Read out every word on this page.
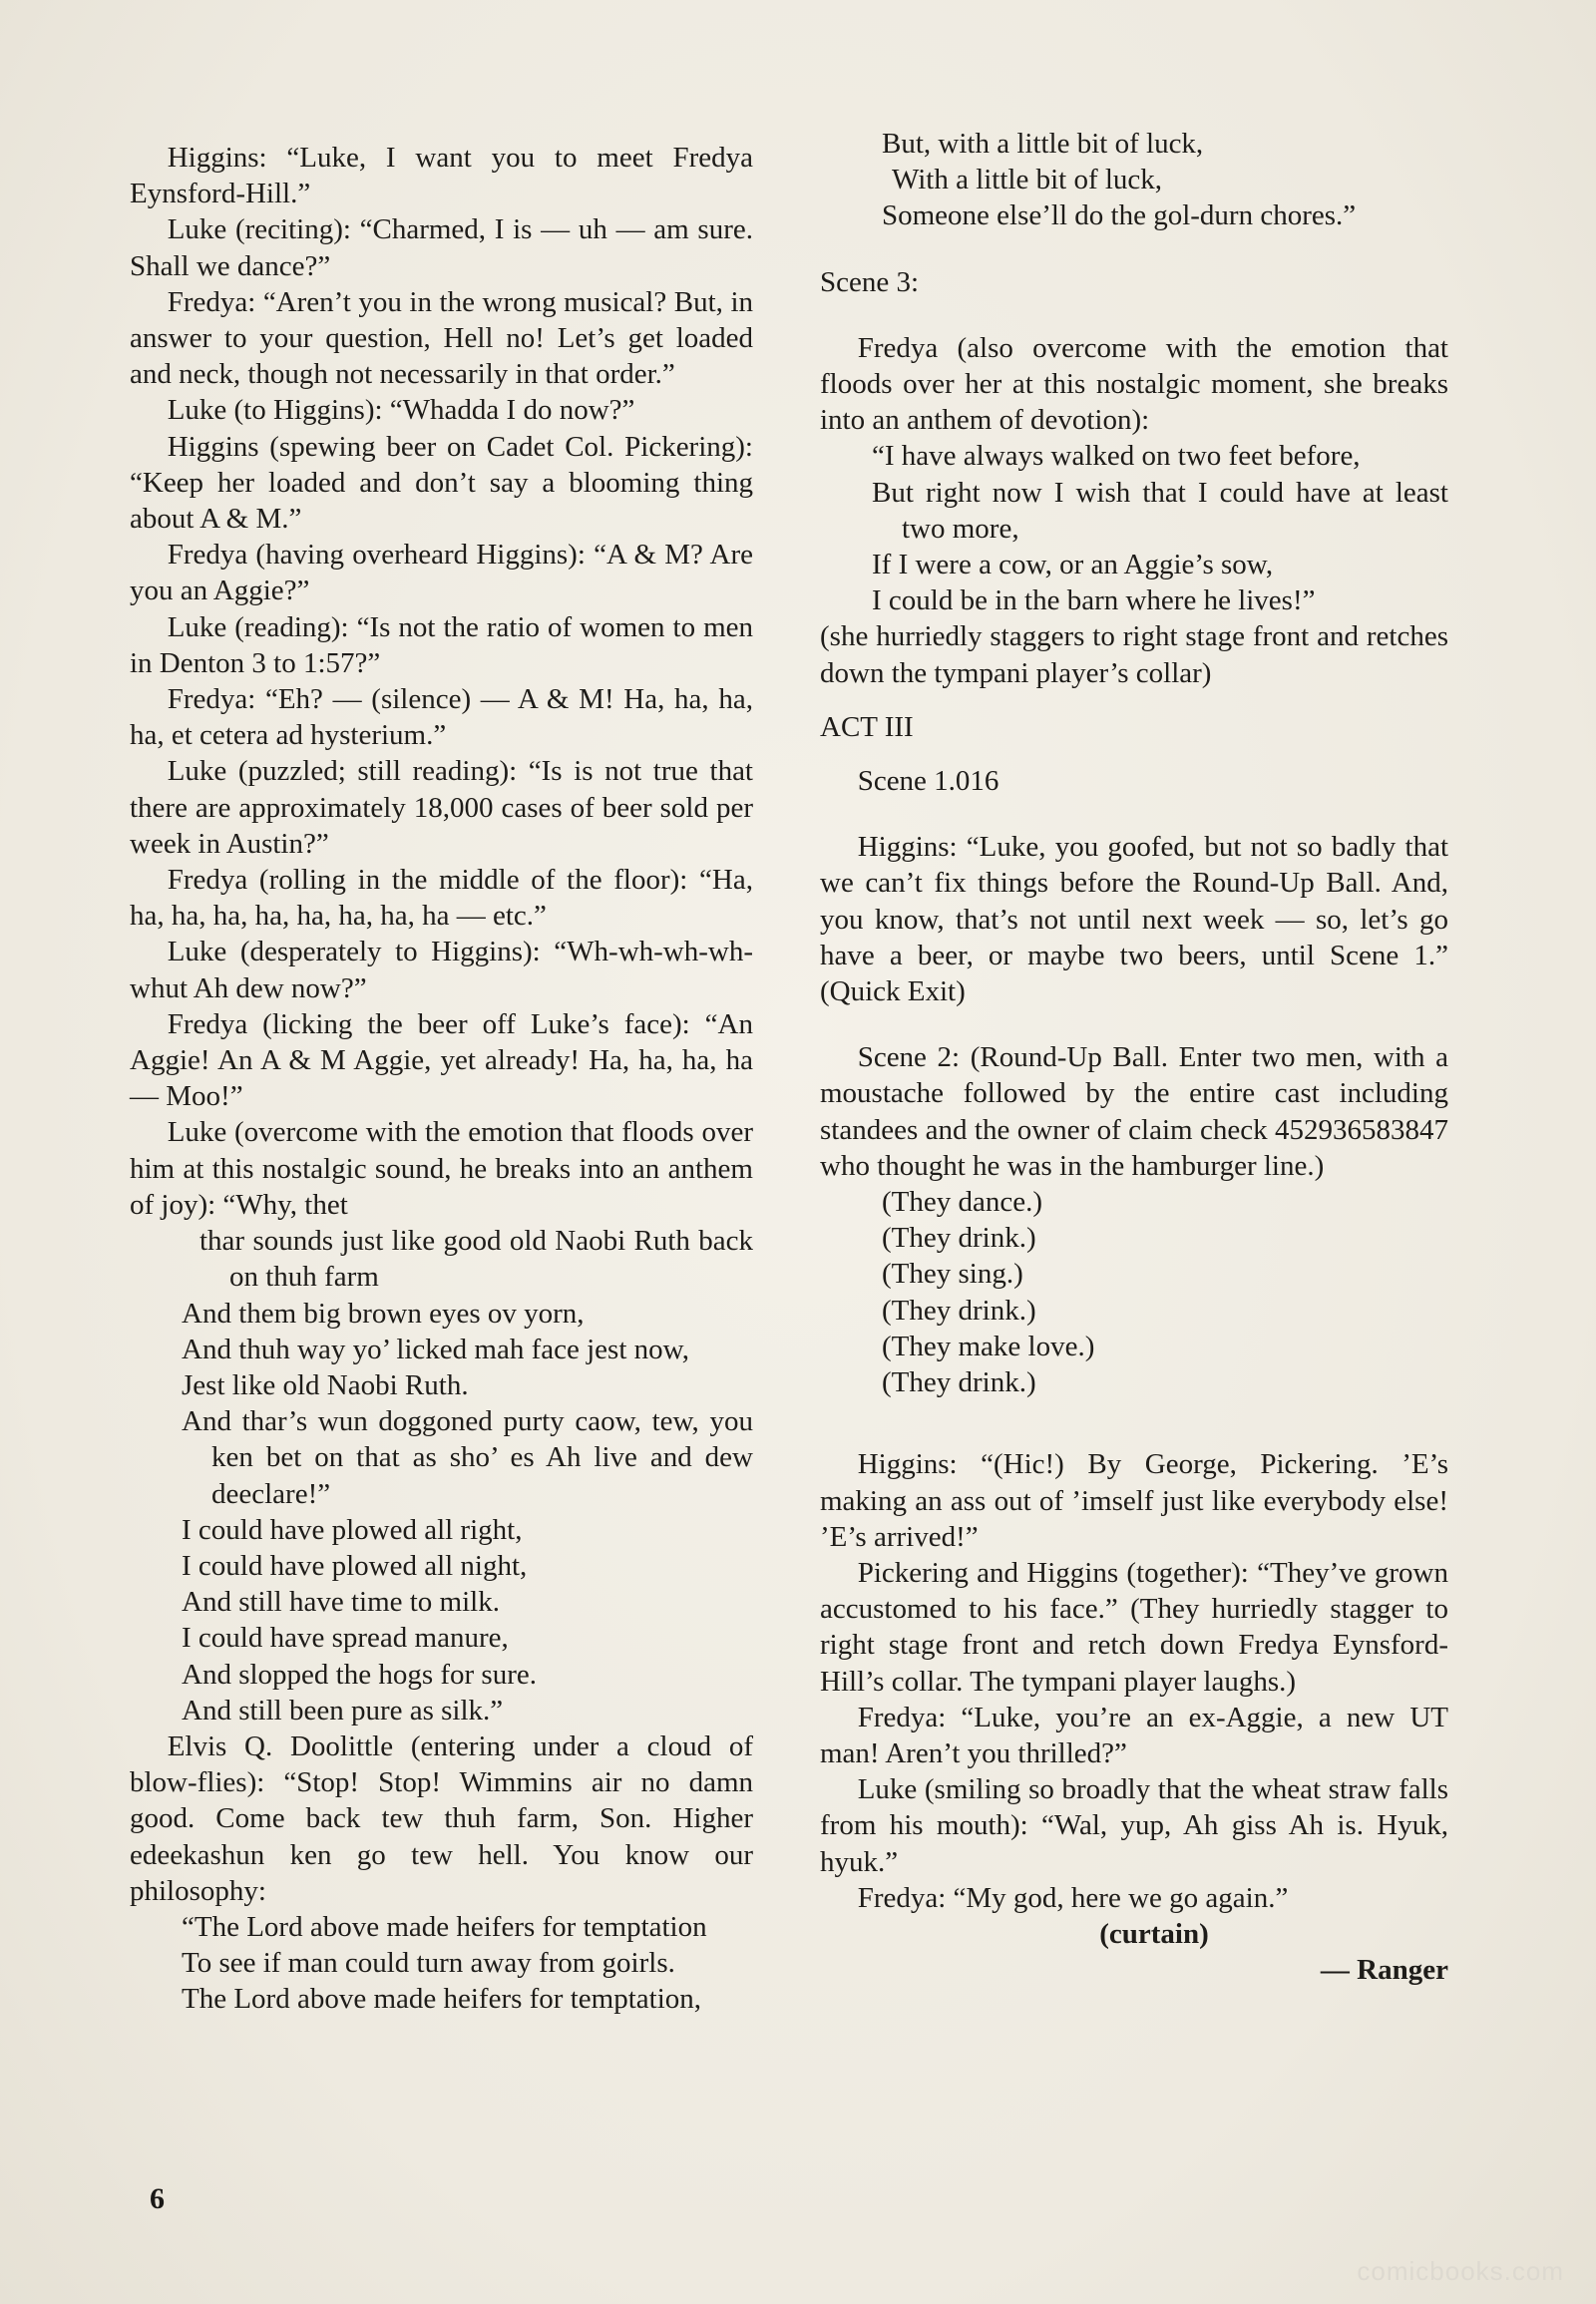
Higgins: “Luke, I want you to meet Fredya Eynsford-Hill.”

Luke (reciting): “Charmed, I is — uh — am sure. Shall we dance?”

Fredya: “Aren’t you in the wrong musical? But, in answer to your question, Hell no! Let’s get loaded and neck, though not necessarily in that order.”

Luke (to Higgins): “Whadda I do now?”

Higgins (spewing beer on Cadet Col. Pickering): “Keep her loaded and don’t say a blooming thing about A & M.”

Fredya (having overheard Higgins): “A & M? Are you an Aggie?”

Luke (reading): “Is not the ratio of women to men in Denton 3 to 1:57?”

Fredya: “Eh? — (silence) — A & M! Ha, ha, ha, ha, et cetera ad hysterium.”

Luke (puzzled; still reading): “Is is not true that there are approximately 18,000 cases of beer sold per week in Austin?”

Fredya (rolling in the middle of the floor): “Ha, ha, ha, ha, ha, ha, ha, ha, ha — etc.”

Luke (desperately to Higgins): “Wh-wh-wh-wh-whut Ah dew now?”

Fredya (licking the beer off Luke’s face): “An Aggie! An A & M Aggie, yet already! Ha, ha, ha, ha — Moo!”

Luke (overcome with the emotion that floods over him at this nostalgic sound, he breaks into an anthem of joy): “Why, thet

thar sounds just like good old Naobi Ruth back on thuh farm

And them big brown eyes ov yorn,

And thuh way yo’ licked mah face jest now,

Jest like old Naobi Ruth.

And thar’s wun doggoned purty caow, tew, you ken bet on that as sho’ es Ah live and dew deeclare!”

I could have plowed all right,

I could have plowed all night,

And still have time to milk.

I could have spread manure,

And slopped the hogs for sure.

And still been pure as silk.”

Elvis Q. Doolittle (entering under a cloud of blow-flies): “Stop! Stop! Wimmins air no damn good. Come back tew thuh farm, Son. Higher edeekashun ken go tew hell. You know our philosophy:

“The Lord above made heifers for temptation

To see if man could turn away from goirls.

The Lord above made heifers for temptation,

But, with a little bit of luck,

With a little bit of luck,

Someone else’ll do the gol-durn chores.”

Scene 3:

Fredya (also overcome with the emotion that floods over her at this nostalgic moment, she breaks into an anthem of devotion):

“I have always walked on two feet before,

But right now I wish that I could have at least two more,

If I were a cow, or an Aggie’s sow,

I could be in the barn where he lives!”

(she hurriedly staggers to right stage front and retches down the tympani player’s collar)

ACT III

Scene 1.016

Higgins: “Luke, you goofed, but not so badly that we can’t fix things before the Round-Up Ball. And, you know, that’s not until next week — so, let’s go have a beer, or maybe two beers, until Scene 1.” (Quick Exit)

Scene 2: (Round-Up Ball. Enter two men, with a moustache followed by the entire cast including standees and the owner of claim check 452936583847 who thought he was in the hamburger line.)

(They dance.)

(They drink.)

(They sing.)

(They drink.)

(They make love.)

(They drink.)

Higgins: “(Hic!) By George, Pickering. ’E’s making an ass out of ’imself just like everybody else! ’E’s arrived!”

Pickering and Higgins (together): “They’ve grown accustomed to his face.” (They hurriedly stagger to right stage front and retch down Fredya Eynsford-Hill’s collar. The tympani player laughs.)

Fredya: “Luke, you’re an ex-Aggie, a new UT man! Aren’t you thrilled?”

Luke (smiling so broadly that the wheat straw falls from his mouth): “Wal, yup, Ah giss Ah is. Hyuk, hyuk.”

Fredya: “My god, here we go again.”

(curtain)

— Ranger

6
comicbooks.com
